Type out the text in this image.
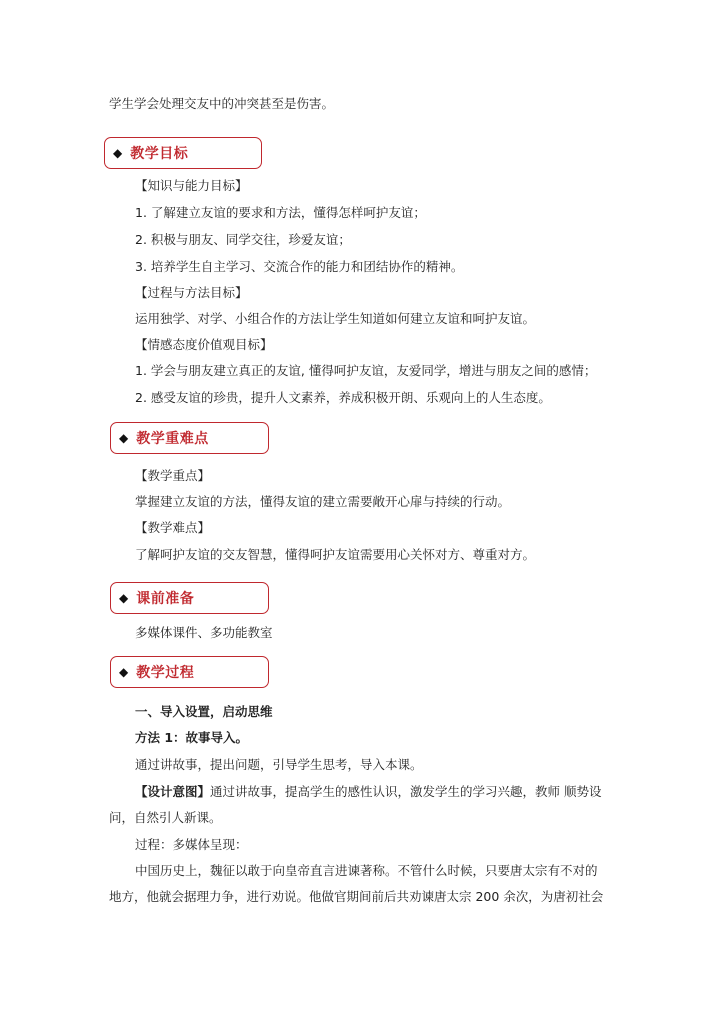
学生学会处理交友中的冲突甚至是伤害。
◆ 教学目标
【知识与能力目标】
1. 了解建立友谊的要求和方法，懂得怎样呵护友谊；
2. 积极与朋友、同学交往，珍爱友谊；
3. 培养学生自主学习、交流合作的能力和团结协作的精神。
【过程与方法目标】
运用独学、对学、小组合作的方法让学生知道如何建立友谊和呵护友谊。
【情感态度价值观目标】
1. 学会与朋友建立真正的友谊, 懂得呵护友谊，友爱同学，增进与朋友之间的感情；
2. 感受友谊的珍贵，提升人文素养，养成积极开朗、乐观向上的人生态度。
◆ 教学重难点
【教学重点】
掌握建立友谊的方法，懂得友谊的建立需要敞开心扉与持续的行动。
【教学难点】
了解呵护友谊的交友智慧，懂得呵护友谊需要用心关怀对方、尊重对方。
◆ 课前准备
多媒体课件、多功能教室
◆ 教学过程
一、导入设置，启动思维
方法 1：故事导入。
通过讲故事，提出问题，引导学生思考，导入本课。
【设计意图】通过讲故事，提高学生的感性认识，激发学生的学习兴趣，教师 顺势设
问，自然引人新课。
过程：多媒体呈现：
中国历史上，魏征以敢于向皇帝直言进谏著称。不管什么时候，只要唐太宗有不对的
地方，他就会据理力争，进行劝说。他做官期间前后共劝谏唐太宗 200 余次，为唐初社会
